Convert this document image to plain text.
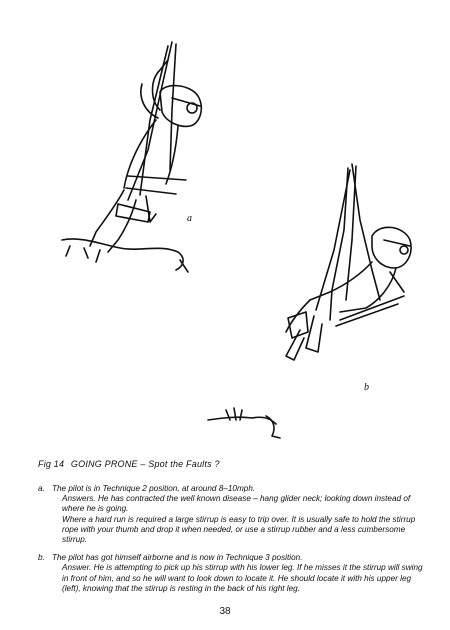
a
b
Fig 14 GOING PRONE – Spot the Faults ?
a. The pilot is in Technique 2 position, at around 8–10mph.

Answers. He has contracted the well known disease – hang glider neck; looking down instead of where he is going.

Where a hard run is required a large stirrup is easy to trip over. It is usually safe to hold the stirrup rope with your thumb and drop it when needed, or use a stirrup rubber and a less cumbersome stirrup.

b. The pilot has got himself airborne and is now in Technique 3 position.

Answer. He is attempting to pick up his stirrup with his lower leg. If he misses it the stirrup will swing in front of him, and so he will want to look down to locate it. He should locate it with his upper leg (left), knowing that the stirrup is resting in the back of his right leg.

38
